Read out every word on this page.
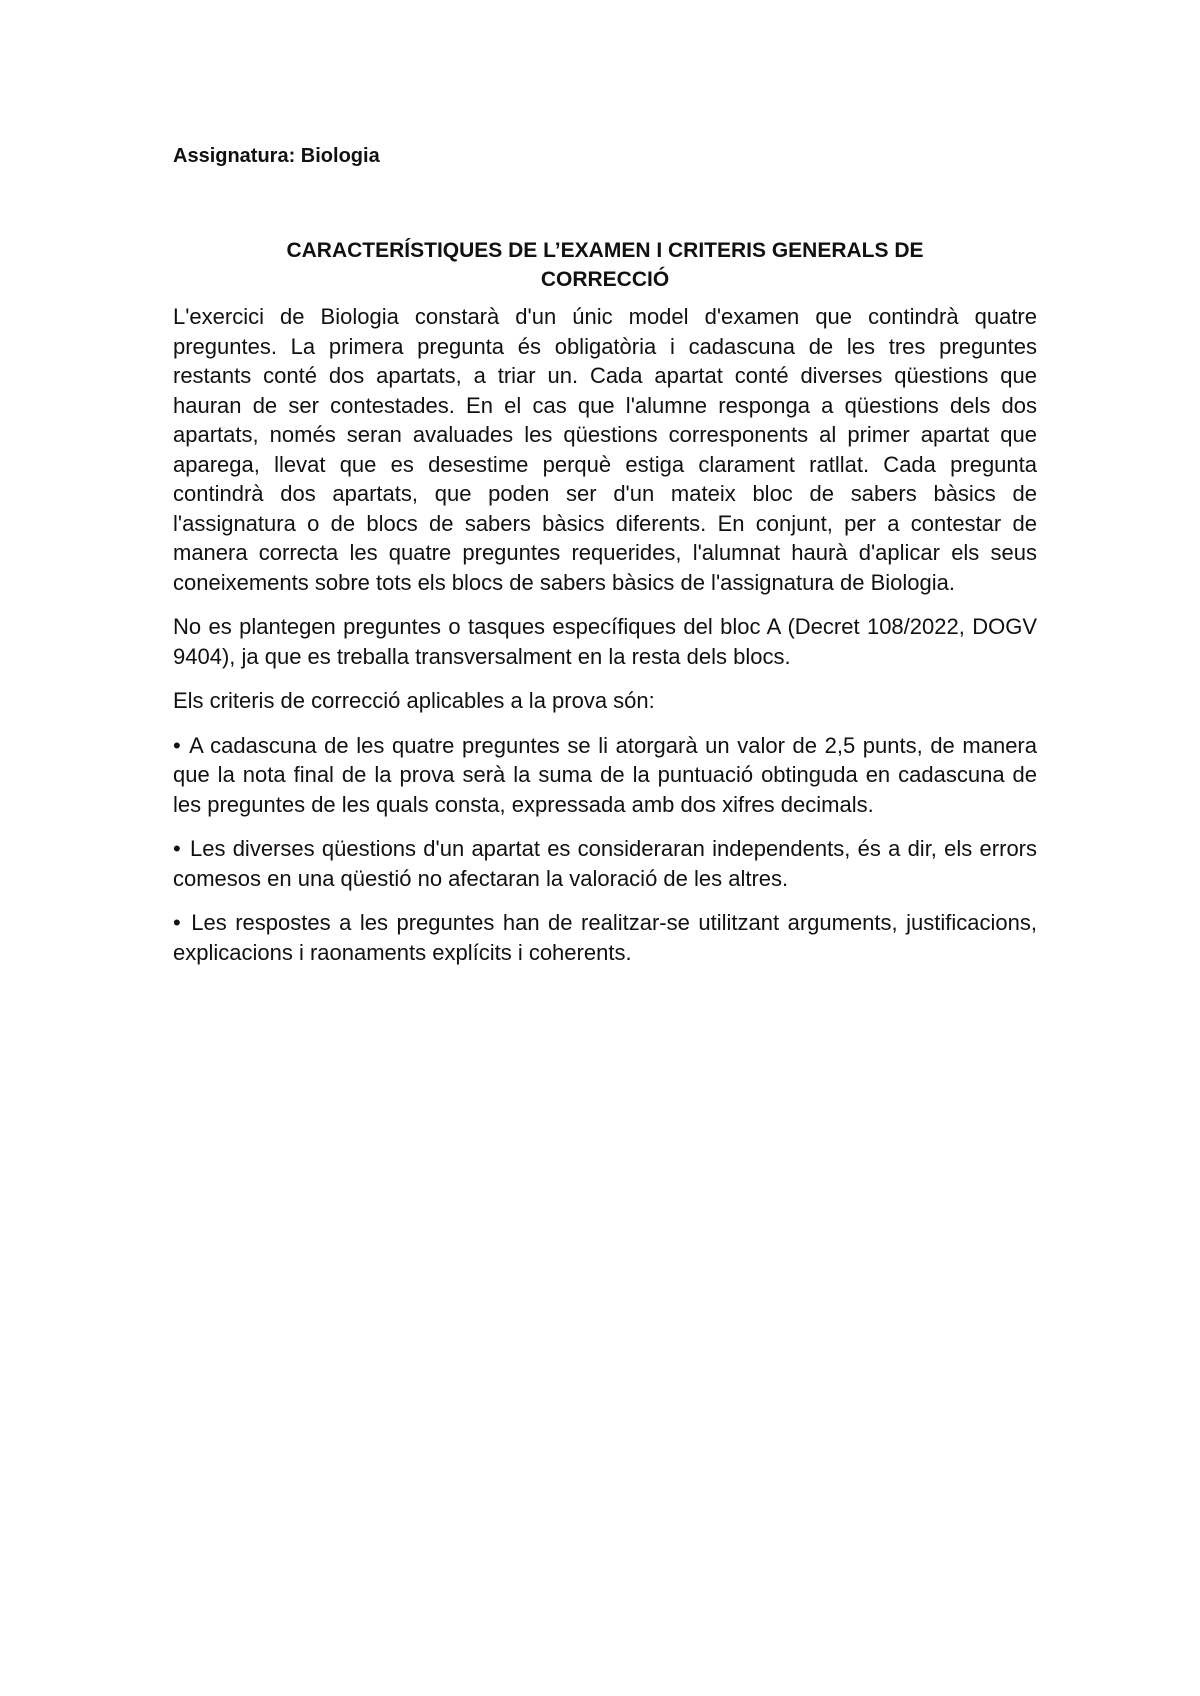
Assignatura: Biologia

CARACTERÍSTIQUES DE L’EXAMEN I CRITERIS GENERALS DE
CORRECCIÓ

L'exercici de Biologia constarà d'un únic model d'examen que contindrà quatre preguntes. La primera pregunta és obligatòria i cadascuna de les tres preguntes restants conté dos apartats, a triar un. Cada apartat conté diverses qüestions que hauran de ser contestades. En el cas que l'alumne responga a qüestions dels dos apartats, només seran avaluades les qüestions corresponents al primer apartat que aparega, llevat que es desestime perquè estiga clarament ratllat. Cada pregunta contindrà dos apartats, que poden ser d'un mateix bloc de sabers bàsics de l'assignatura o de blocs de sabers bàsics diferents. En conjunt, per a contestar de manera correcta les quatre preguntes requerides, l'alumnat haurà d'aplicar els seus coneixements sobre tots els blocs de sabers bàsics de l'assignatura de Biologia.

No es plantegen preguntes o tasques específiques del bloc A (Decret 108/2022, DOGV 9404), ja que es treballa transversalment en la resta dels blocs.

Els criteris de correcció aplicables a la prova són:

• A cadascuna de les quatre preguntes se li atorgarà un valor de 2,5 punts, de manera que la nota final de la prova serà la suma de la puntuació obtinguda en cadascuna de les preguntes de les quals consta, expressada amb dos xifres decimals.

• Les diverses qüestions d'un apartat es consideraran independents, és a dir, els errors comesos en una qüestió no afectaran la valoració de les altres.

• Les respostes a les preguntes han de realitzar-se utilitzant arguments, justificacions, explicacions i raonaments explícits i coherents.
